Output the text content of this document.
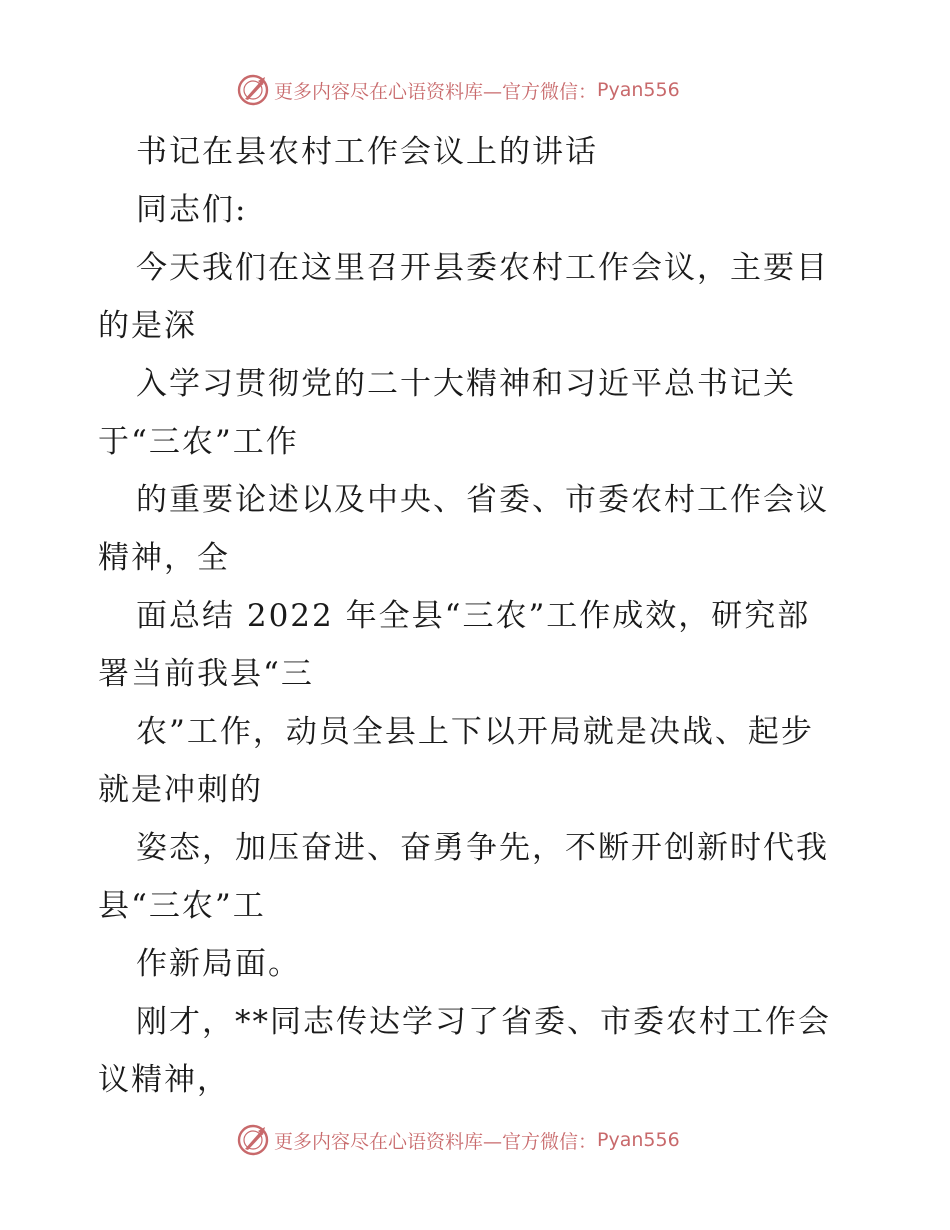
更多内容尽在心语资料库—官方微信： Pyan556
书记在县农村工作会议上的讲话
同志们:
今天我们在这里召开县委农村工作会议，主要目
的是深
入学习贯彻党的二十大精神和习近平总书记关
于“三农”工作
的重要论述以及中央、省委、市委农村工作会议
精神，全
面总结 2022 年全县“三农”工作成效，研究部
署当前我县“三
农”工作，动员全县上下以开局就是决战、起步
就是冲刺的
姿态，加压奋进、奋勇争先，不断开创新时代我
县“三农”工
作新局面。
刚才，**同志传达学习了省委、市委农村工作会
议精神，
更多内容尽在心语资料库—官方微信： Pyan556
